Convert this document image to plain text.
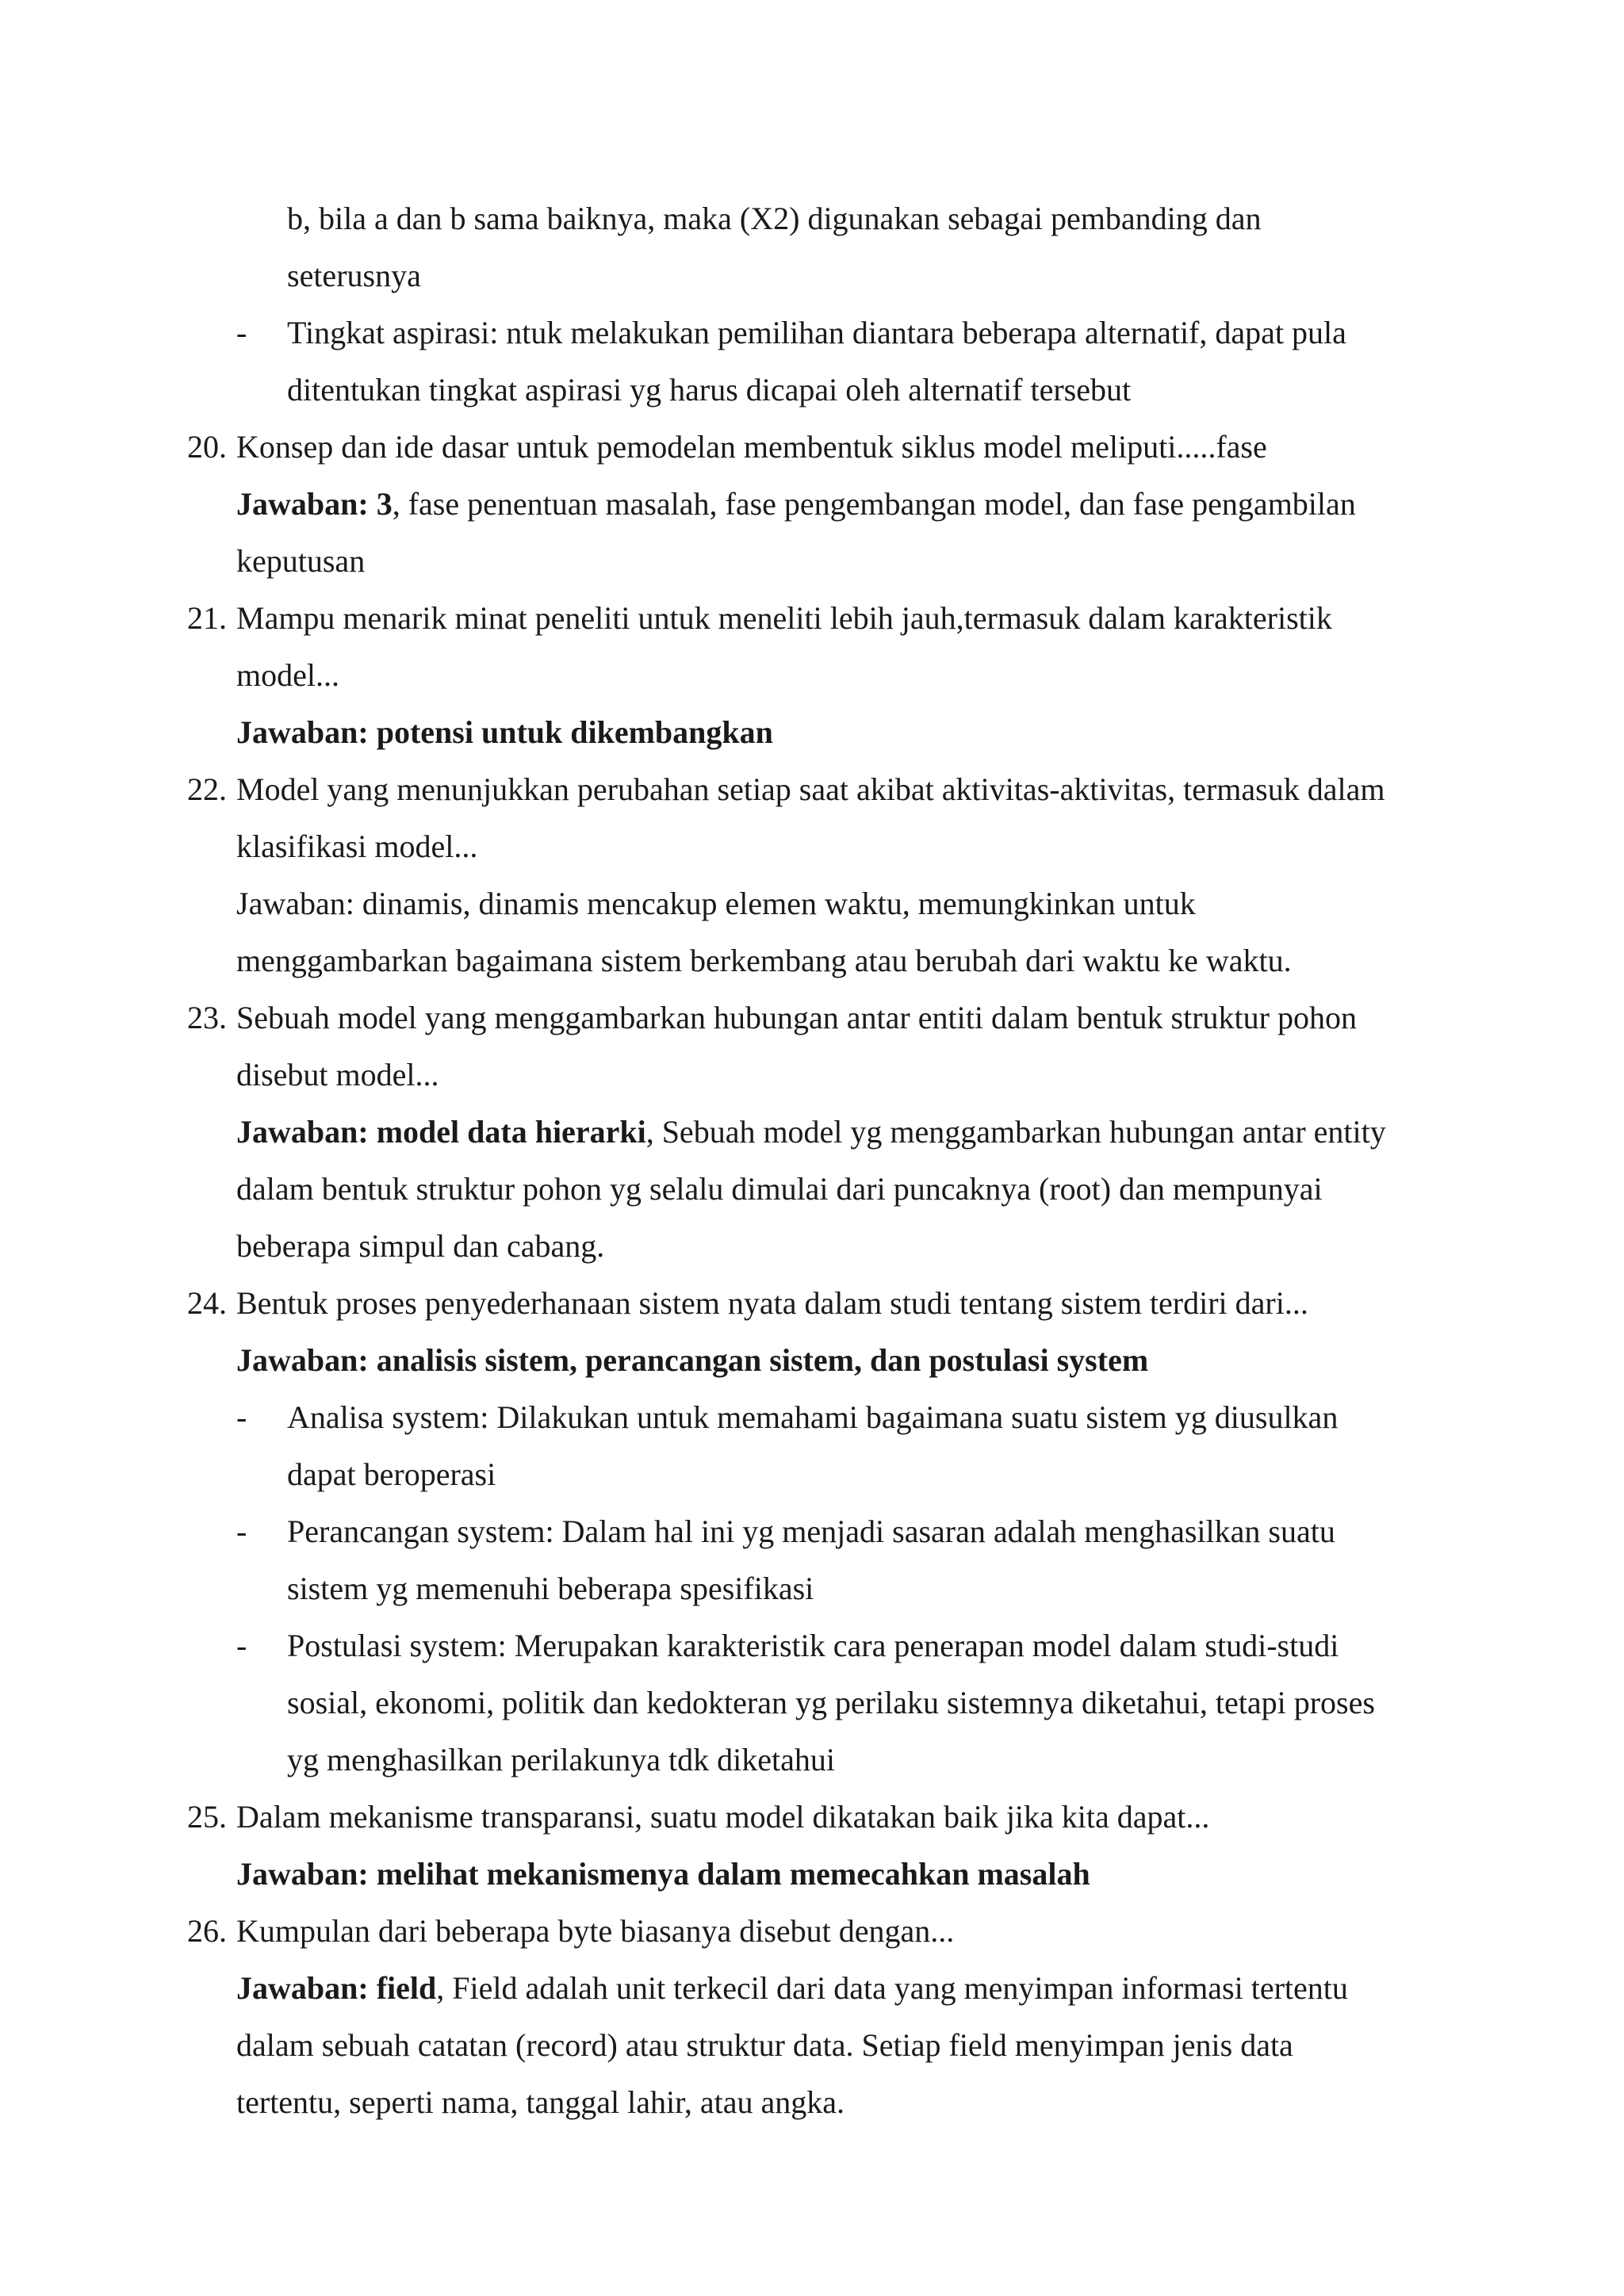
b, bila a dan b sama baiknya, maka (X2) digunakan sebagai pembanding dan
seterusnya
- Tingkat aspirasi: ntuk melakukan pemilihan diantara beberapa alternatif, dapat pula
ditentukan tingkat aspirasi yg harus dicapai oleh alternatif tersebut
20. Konsep dan ide dasar untuk pemodelan membentuk siklus model meliputi.....fase
Jawaban: 3, fase penentuan masalah, fase pengembangan model, dan fase pengambilan
keputusan
21. Mampu menarik minat peneliti untuk meneliti lebih jauh,termasuk dalam karakteristik
model...
Jawaban: potensi untuk dikembangkan
22. Model yang menunjukkan perubahan setiap saat akibat aktivitas-aktivitas, termasuk dalam
klasifikasi model...
Jawaban: dinamis, dinamis mencakup elemen waktu, memungkinkan untuk
menggambarkan bagaimana sistem berkembang atau berubah dari waktu ke waktu.
23. Sebuah model yang menggambarkan hubungan antar entiti dalam bentuk struktur pohon
disebut model...
Jawaban: model data hierarki, Sebuah model yg menggambarkan hubungan antar entity
dalam bentuk struktur pohon yg selalu dimulai dari puncaknya (root) dan mempunyai
beberapa simpul dan cabang.
24. Bentuk proses penyederhanaan sistem nyata dalam studi tentang sistem terdiri dari...
Jawaban: analisis sistem, perancangan sistem, dan postulasi system
- Analisa system: Dilakukan untuk memahami bagaimana suatu sistem yg diusulkan
dapat beroperasi
- Perancangan system: Dalam hal ini yg menjadi sasaran adalah menghasilkan suatu
sistem yg memenuhi beberapa spesifikasi
- Postulasi system: Merupakan karakteristik cara penerapan model dalam studi-studi
sosial, ekonomi, politik dan kedokteran yg perilaku sistemnya diketahui, tetapi proses
yg menghasilkan perilakunya tdk diketahui
25. Dalam mekanisme transparansi, suatu model dikatakan baik jika kita dapat...
Jawaban: melihat mekanismenya dalam memecahkan masalah
26. Kumpulan dari beberapa byte biasanya disebut dengan...
Jawaban: field, Field adalah unit terkecil dari data yang menyimpan informasi tertentu
dalam sebuah catatan (record) atau struktur data. Setiap field menyimpan jenis data
tertentu, seperti nama, tanggal lahir, atau angka.
